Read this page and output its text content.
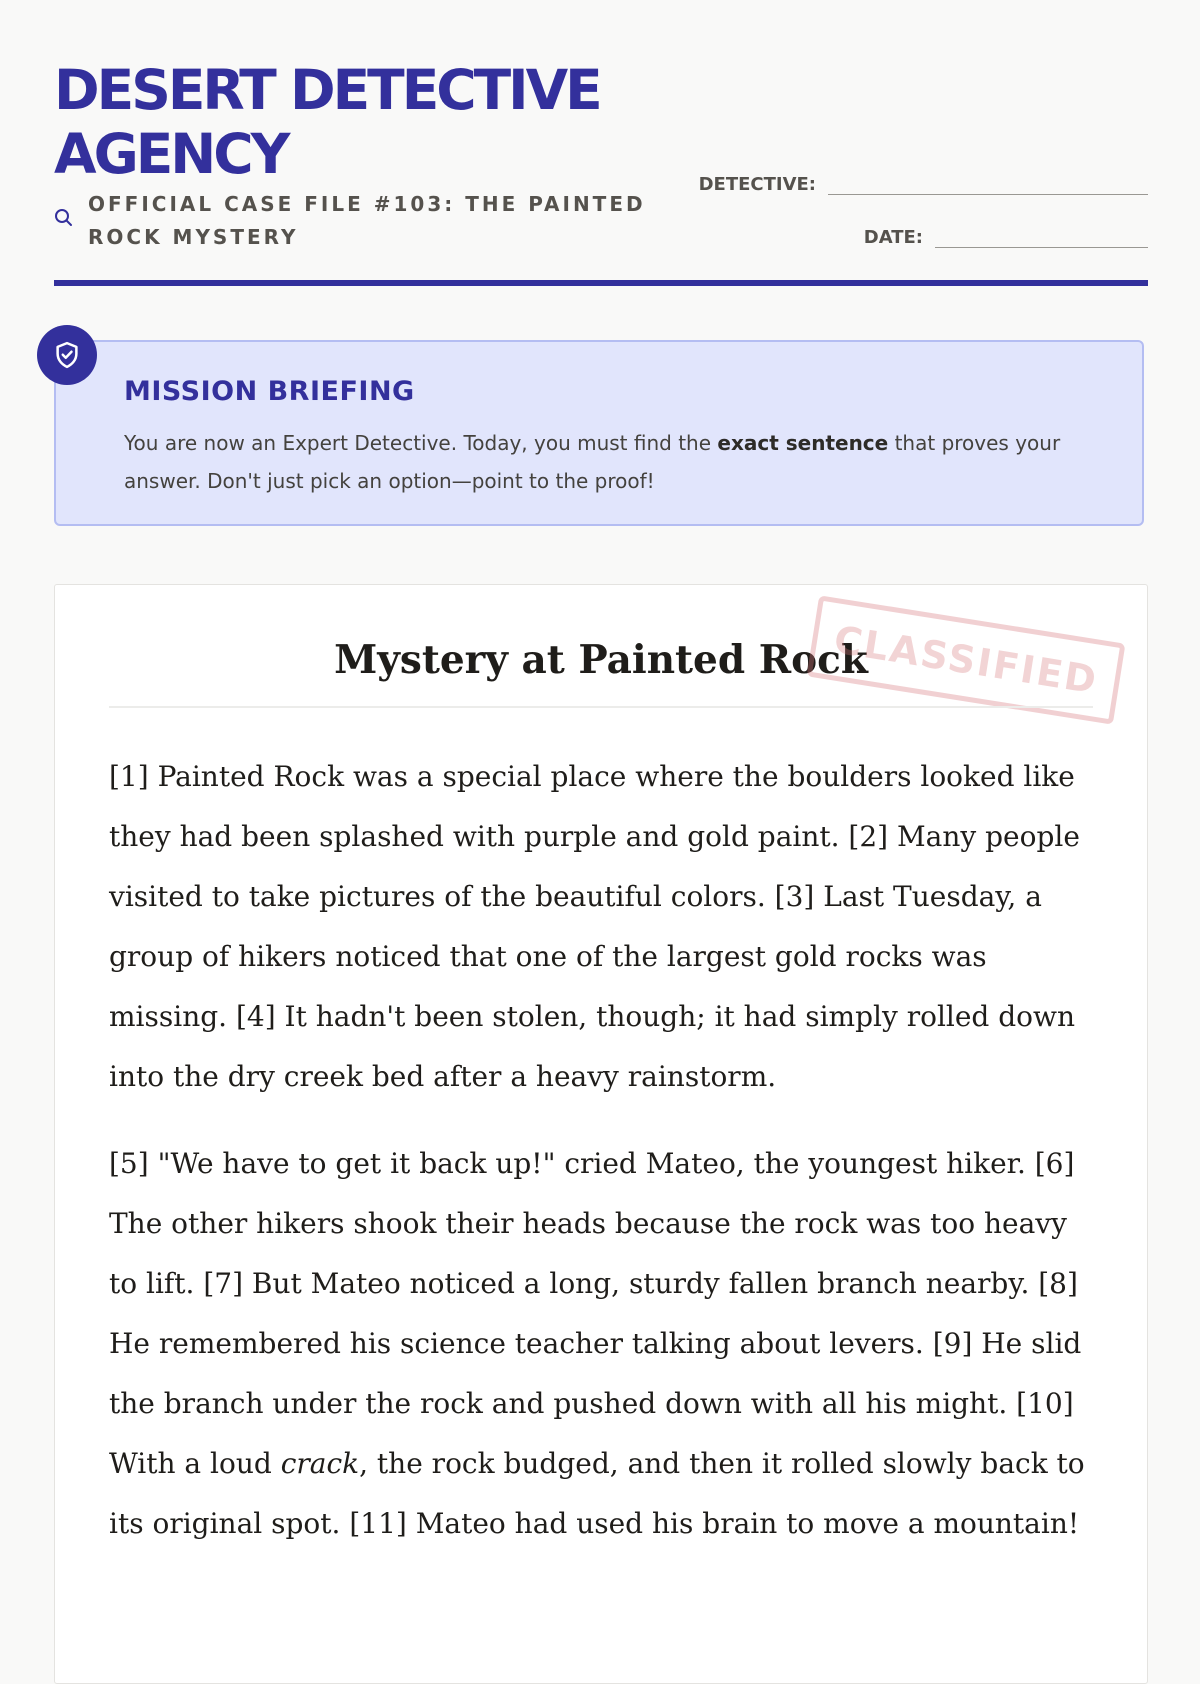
DESERT DETECTIVE AGENCY
OFFICIAL CASE FILE #103: THE PAINTED ROCK MYSTERY
DETECTIVE:
DATE:
MISSION BRIEFING
You are now an Expert Detective. Today, you must find the exact sentence that proves your answer. Don't just pick an option—point to the proof!
Mystery at Painted Rock
CLASSIFIED
[1] Painted Rock was a special place where the boulders looked like they had been splashed with purple and gold paint. [2] Many people visited to take pictures of the beautiful colors. [3] Last Tuesday, a group of hikers noticed that one of the largest gold rocks was missing. [4] It hadn't been stolen, though; it had simply rolled down into the dry creek bed after a heavy rainstorm.
[5] "We have to get it back up!" cried Mateo, the youngest hiker. [6] The other hikers shook their heads because the rock was too heavy to lift. [7] But Mateo noticed a long, sturdy fallen branch nearby. [8] He remembered his science teacher talking about levers. [9] He slid the branch under the rock and pushed down with all his might. [10] With a loud crack, the rock budged, and then it rolled slowly back to its original spot. [11] Mateo had used his brain to move a mountain!
